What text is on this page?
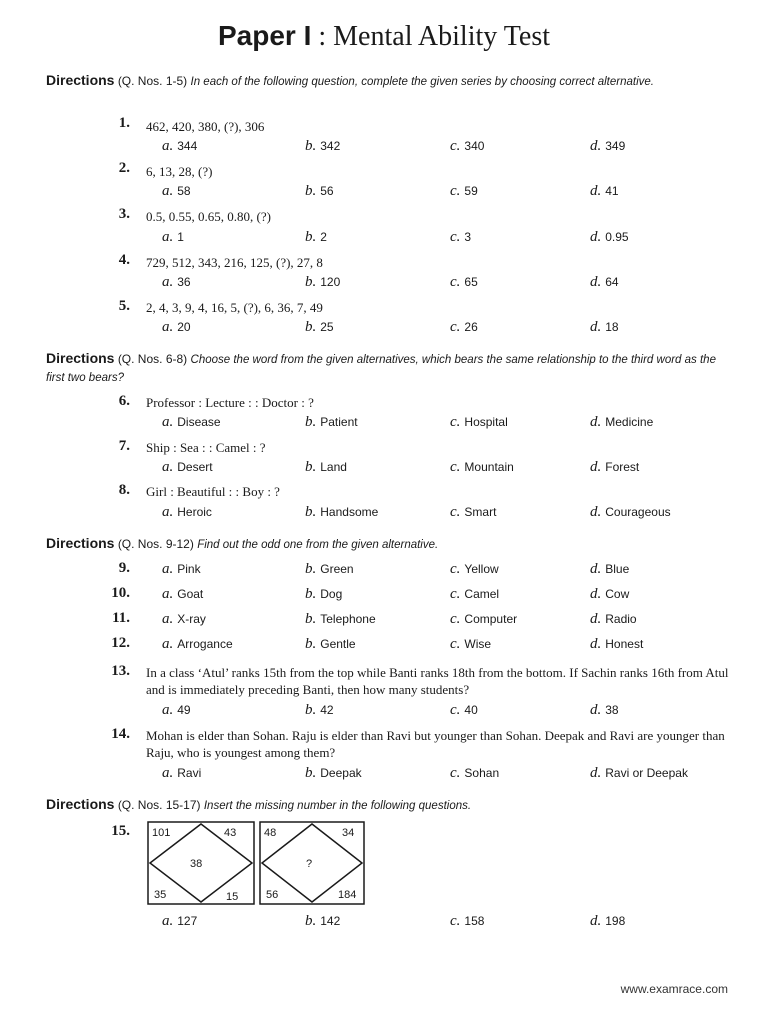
Paper I : Mental Ability Test
Directions (Q. Nos. 1-5) In each of the following question, complete the given series by choosing correct alternative.
Directions (Q. Nos. 6-8) Choose the word from the given alternatives, which bears the same relationship to the third word as the first two bears?
Directions (Q. Nos. 9-12) Find out the odd one from the given alternative.
Directions (Q. Nos. 15-17) Insert the missing number in the following questions.
1. 462, 420, 380, (?), 306
a. 344	b. 342	c. 340	d. 349
2. 6, 13, 28, (?)
a. 58	b. 56	c. 59	d. 41
3. 0.5, 0.55, 0.65, 0.80, (?)
a. 1	b. 2	c. 3	d. 0.95
4. 729, 512, 343, 216, 125, (?), 27, 8
a. 36	b. 120	c. 65	d. 64
5. 2, 4, 3, 9, 4, 16, 5, (?), 6, 36, 7, 49
a. 20	b. 25	c. 26	d. 18
6. Professor : Lecture : : Doctor : ?
a. Disease	b. Patient	c. Hospital	d. Medicine
7. Ship : Sea : : Camel : ?
a. Desert	b. Land	c. Mountain	d. Forest
8. Girl : Beautiful : : Boy : ?
a. Heroic	b. Handsome	c. Smart	d. Courageous
9. a. Pink	b. Green	c. Yellow	d. Blue
10. a. Goat	b. Dog	c. Camel	d. Cow
11. a. X-ray	b. Telephone	c. Computer	d. Radio
12. a. Arrogance	b. Gentle	c. Wise	d. Honest
13. In a class ‘Atul’ ranks 15th from the top while Banti ranks 18th from the bottom. If Sachin ranks 16th from Atul and is immediately preceding Banti, then how many students?
a. 49	b. 42	c. 40	d. 38
14. Mohan is elder than Sohan. Raju is elder than Ravi but younger than Sohan. Deepak and Ravi are younger than Raju, who is youngest among them?
a. Ravi	b. Deepak	c. Sohan	d. Ravi or Deepak
15.
a. 127	b. 142	c. 158	d. 198
101	43
38
35	15
48	34
?
56	184
www.examrace.com
